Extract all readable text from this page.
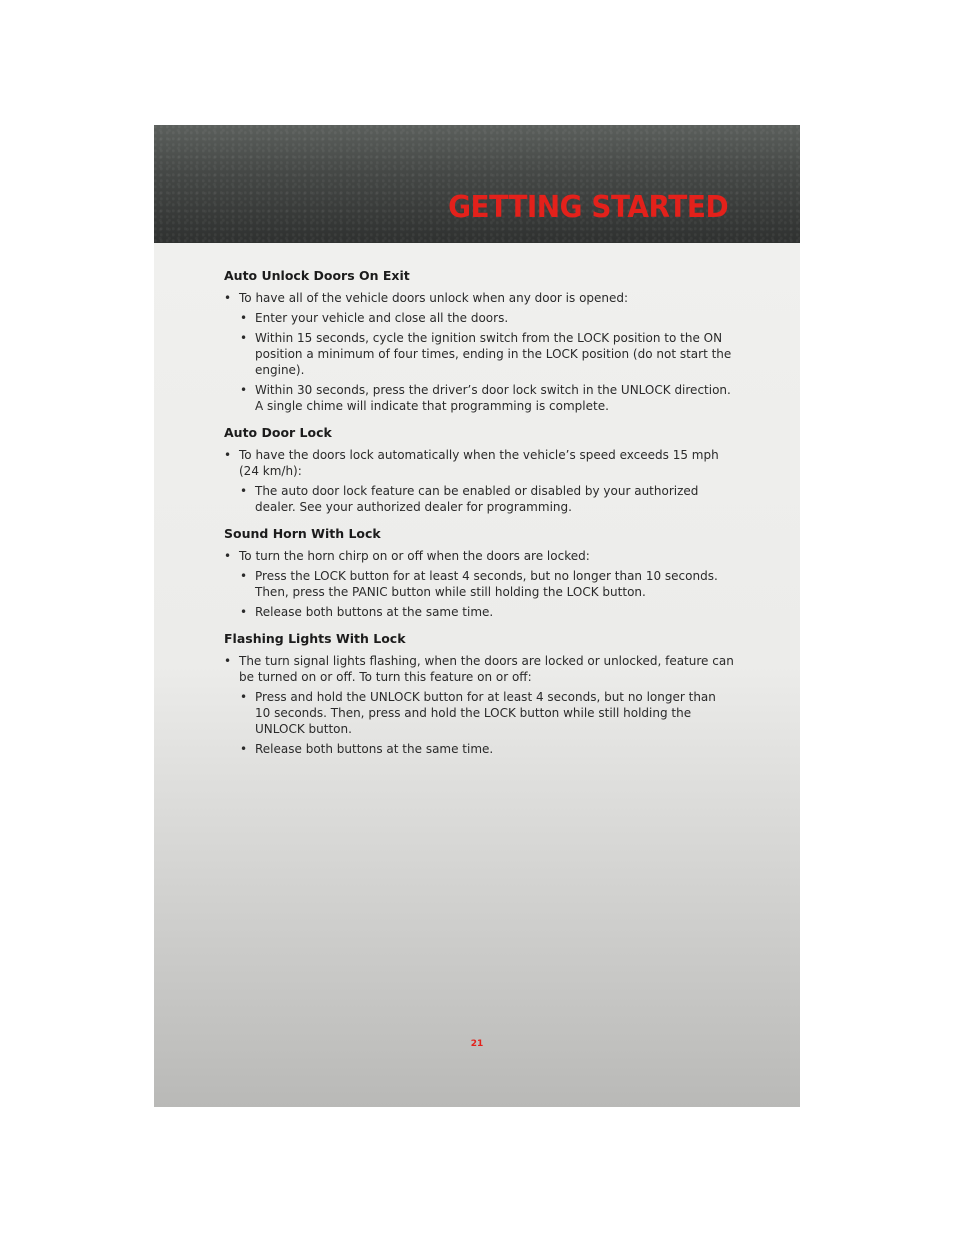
GETTING STARTED
Auto Unlock Doors On Exit
• To have all of the vehicle doors unlock when any door is opened:
• Enter your vehicle and close all the doors.
• Within 15 seconds, cycle the ignition switch from the LOCK position to the ON position a minimum of four times, ending in the LOCK position (do not start the engine).
• Within 30 seconds, press the driver’s door lock switch in the UNLOCK direction. A single chime will indicate that programming is complete.
Auto Door Lock
• To have the doors lock automatically when the vehicle’s speed exceeds 15 mph (24 km/h):
• The auto door lock feature can be enabled or disabled by your authorized dealer. See your authorized dealer for programming.
Sound Horn With Lock
• To turn the horn chirp on or off when the doors are locked:
• Press the LOCK button for at least 4 seconds, but no longer than 10 seconds. Then, press the PANIC button while still holding the LOCK button.
• Release both buttons at the same time.
Flashing Lights With Lock
• The turn signal lights flashing, when the doors are locked or unlocked, feature can be turned on or off. To turn this feature on or off:
• Press and hold the UNLOCK button for at least 4 seconds, but no longer than 10 seconds. Then, press and hold the LOCK button while still holding the UNLOCK button.
• Release both buttons at the same time.
21
